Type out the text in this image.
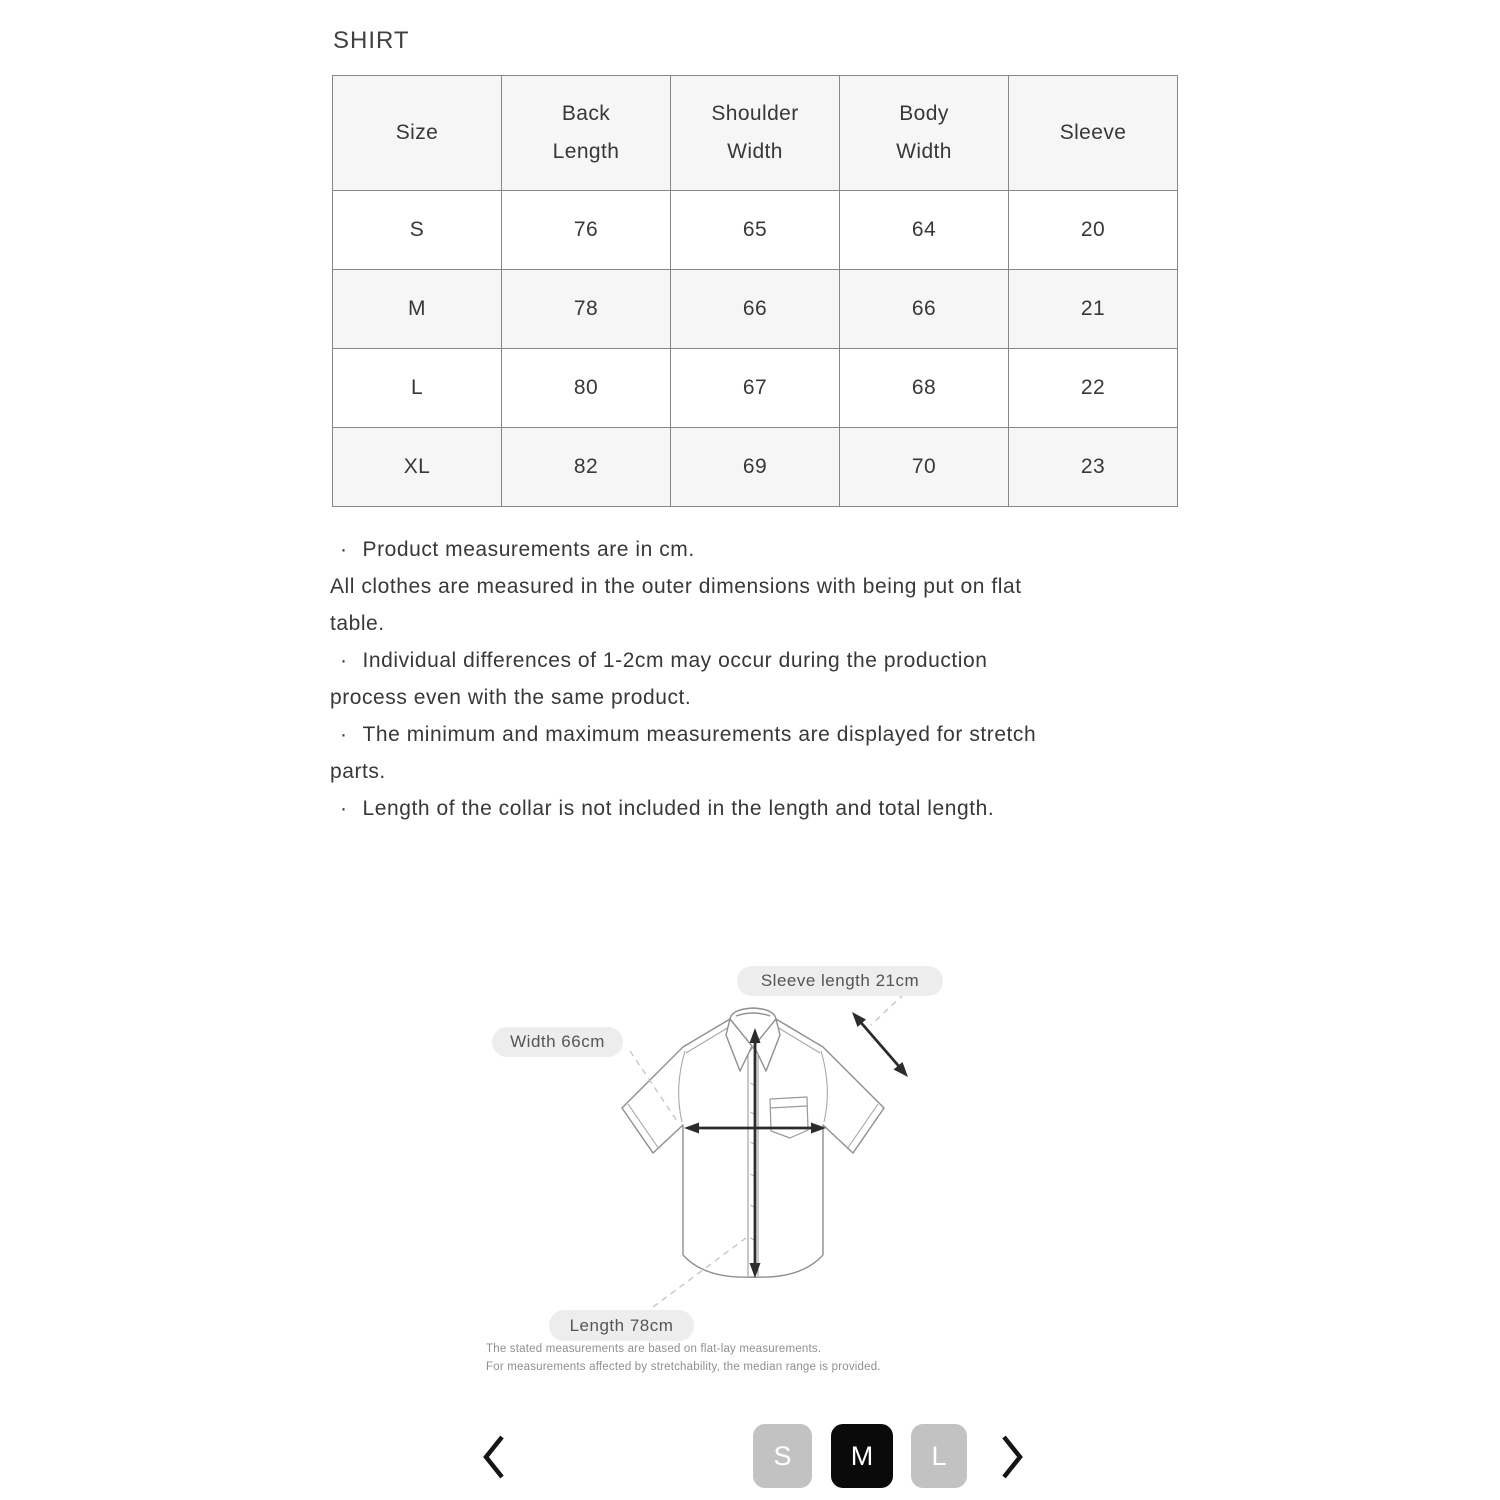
SHIRT
Size	Back Length	Shoulder Width	Body Width	Sleeve
S	76	65	64	20
M	78	66	66	21
L	80	67	68	22
XL	82	69	70	23
· Product measurements are in cm.
All clothes are measured in the outer dimensions with being put on flat
table.
· Individual differences of 1-2cm may occur during the production
process even with the same product.
· The minimum and maximum measurements are displayed for stretch
parts.
· Length of the collar is not included in the length and total length.
Sleeve length 21cm
Width 66cm
Length 78cm
The stated measurements are based on flat-lay measurements.
For measurements affected by stretchability, the median range is provided.
S	M	L
